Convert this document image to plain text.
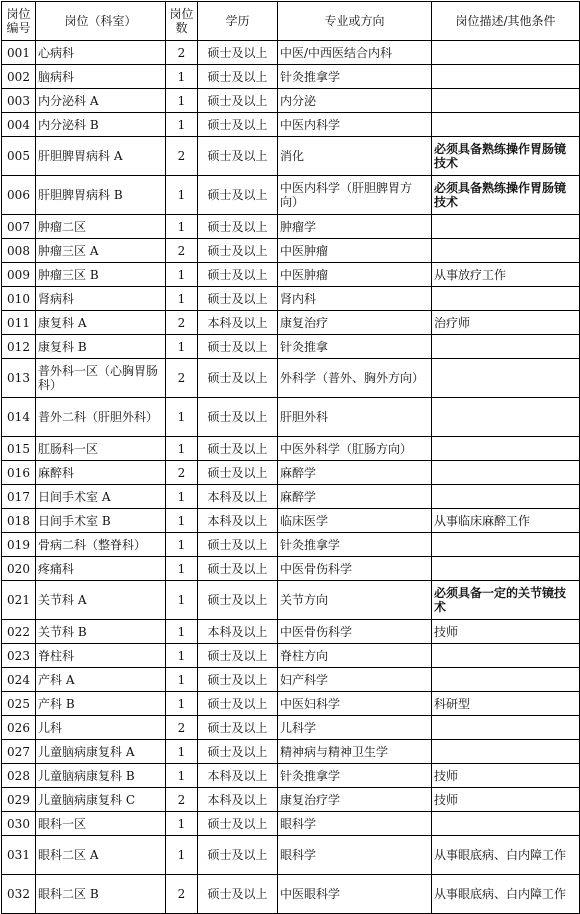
岗位编号	岗位（科室）	岗位数	学历	专业或方向	岗位描述/其他条件
001	心病科	2	硕士及以上	中医/中西医结合内科	
002	脑病科	1	硕士及以上	针灸推拿学	
003	内分泌科 A	1	硕士及以上	内分泌	
004	内分泌科 B	1	硕士及以上	中医内科学	
005	肝胆脾胃病科 A	2	硕士及以上	消化	必须具备熟练操作胃肠镜技术
006	肝胆脾胃病科 B	1	硕士及以上	中医内科学（肝胆脾胃方向）	必须具备熟练操作胃肠镜技术
007	肿瘤二区	1	硕士及以上	肿瘤学	
008	肿瘤三区 A	2	硕士及以上	中医肿瘤	
009	肿瘤三区 B	1	硕士及以上	中医肿瘤	从事放疗工作
010	肾病科	1	硕士及以上	肾内科	
011	康复科 A	2	本科及以上	康复治疗	治疗师
012	康复科 B	1	硕士及以上	针灸推拿	
013	普外科一区（心胸胃肠科）	2	硕士及以上	外科学（普外、胸外方向）	
014	普外二科（肝胆外科）	1	硕士及以上	肝胆外科	
015	肛肠科一区	1	硕士及以上	中医外科学（肛肠方向）	
016	麻醉科	2	硕士及以上	麻醉学	
017	日间手术室 A	1	本科及以上	麻醉学	
018	日间手术室 B	1	本科及以上	临床医学	从事临床麻醉工作
019	骨病二科（整脊科）	1	硕士及以上	针灸推拿学	
020	疼痛科	1	硕士及以上	中医骨伤科学	
021	关节科 A	1	硕士及以上	关节方向	必须具备一定的关节镜技术
022	关节科 B	1	本科及以上	中医骨伤科学	技师
023	脊柱科	1	硕士及以上	脊柱方向	
024	产科 A	1	硕士及以上	妇产科学	
025	产科 B	1	硕士及以上	中医妇科学	科研型
026	儿科	2	硕士及以上	儿科学	
027	儿童脑病康复科 A	1	硕士及以上	精神病与精神卫生学	
028	儿童脑病康复科 B	1	本科及以上	针灸推拿学	技师
029	儿童脑病康复科 C	2	本科及以上	康复治疗学	技师
030	眼科一区	1	硕士及以上	眼科学	
031	眼科二区 A	1	硕士及以上	眼科学	从事眼底病、白内障工作
032	眼科二区 B	2	硕士及以上	中医眼科学	从事眼底病、白内障工作
